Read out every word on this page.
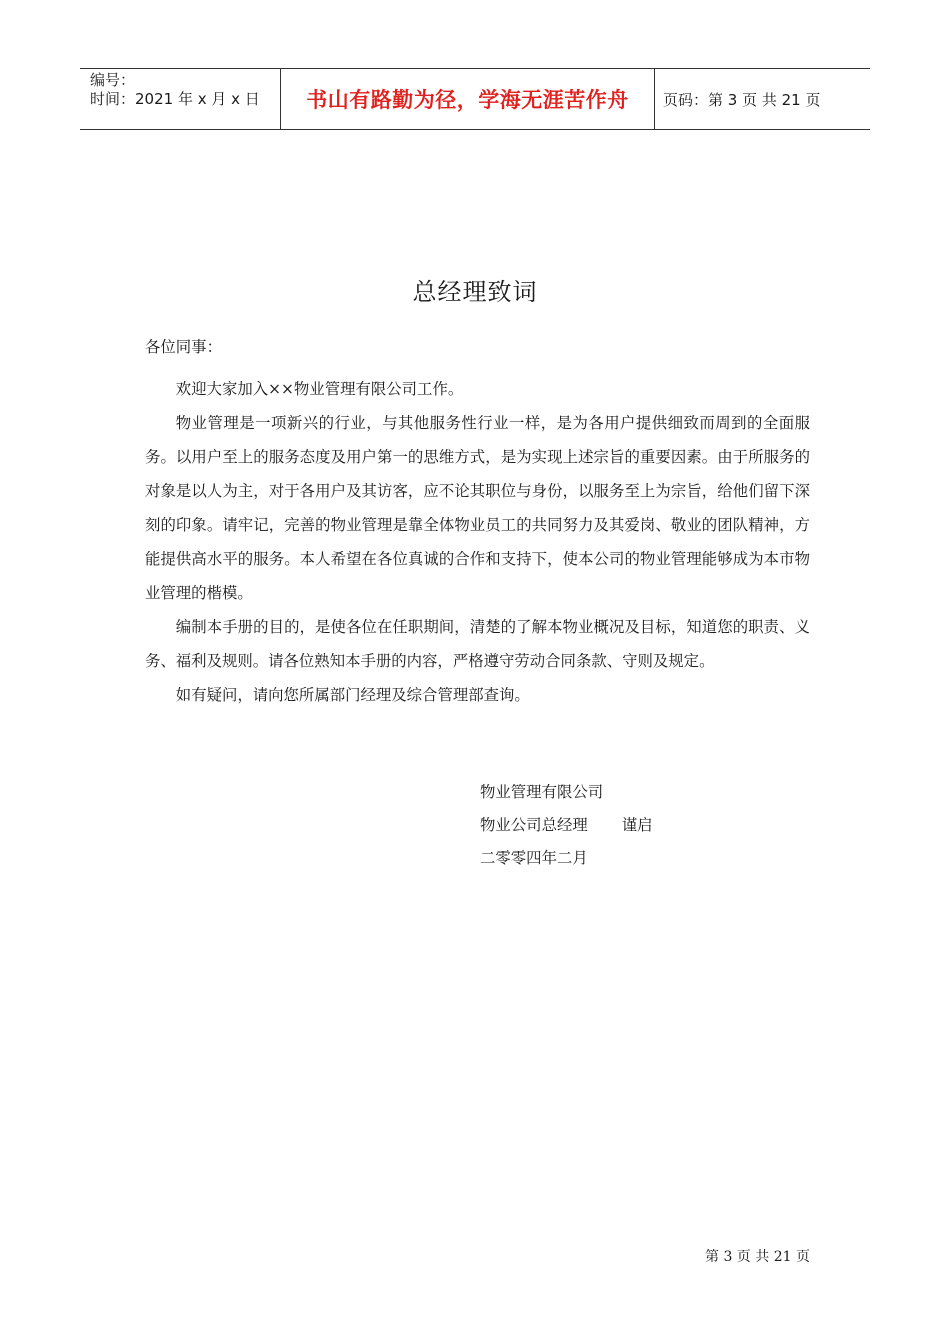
编号：
时间：2021 年 x 月 x 日	书山有路勤为径，学海无涯苦作舟 页码：第 3 页 共 21 页
总经理致词

各位同事：

欢迎大家加入××物业管理有限公司工作。

物业管理是一项新兴的行业，与其他服务性行业一样，是为各用户提供细致而周到的全面服务。以用户至上的服务态度及用户第一的思维方式，是为实现上述宗旨的重要因素。由于所服务的对象是以人为主，对于各用户及其访客，应不论其职位与身份，以服务至上为宗旨，给他们留下深刻的印象。请牢记，完善的物业管理是靠全体物业员工的共同努力及其爱岗、敬业的团队精神，方能提供高水平的服务。本人希望在各位真诚的合作和支持下，使本公司的物业管理能够成为本市物业管理的楷模。

编制本手册的目的，是使各位在任职期间，清楚的了解本物业概况及目标，知道您的职责、义务、福利及规则。请各位熟知本手册的内容，严格遵守劳动合同条款、守则及规定。

如有疑问，请向您所属部门经理及综合管理部查询。

物业管理有限公司
物业公司总经理 谨启
二零零四年二月
第 3 页 共 21 页
